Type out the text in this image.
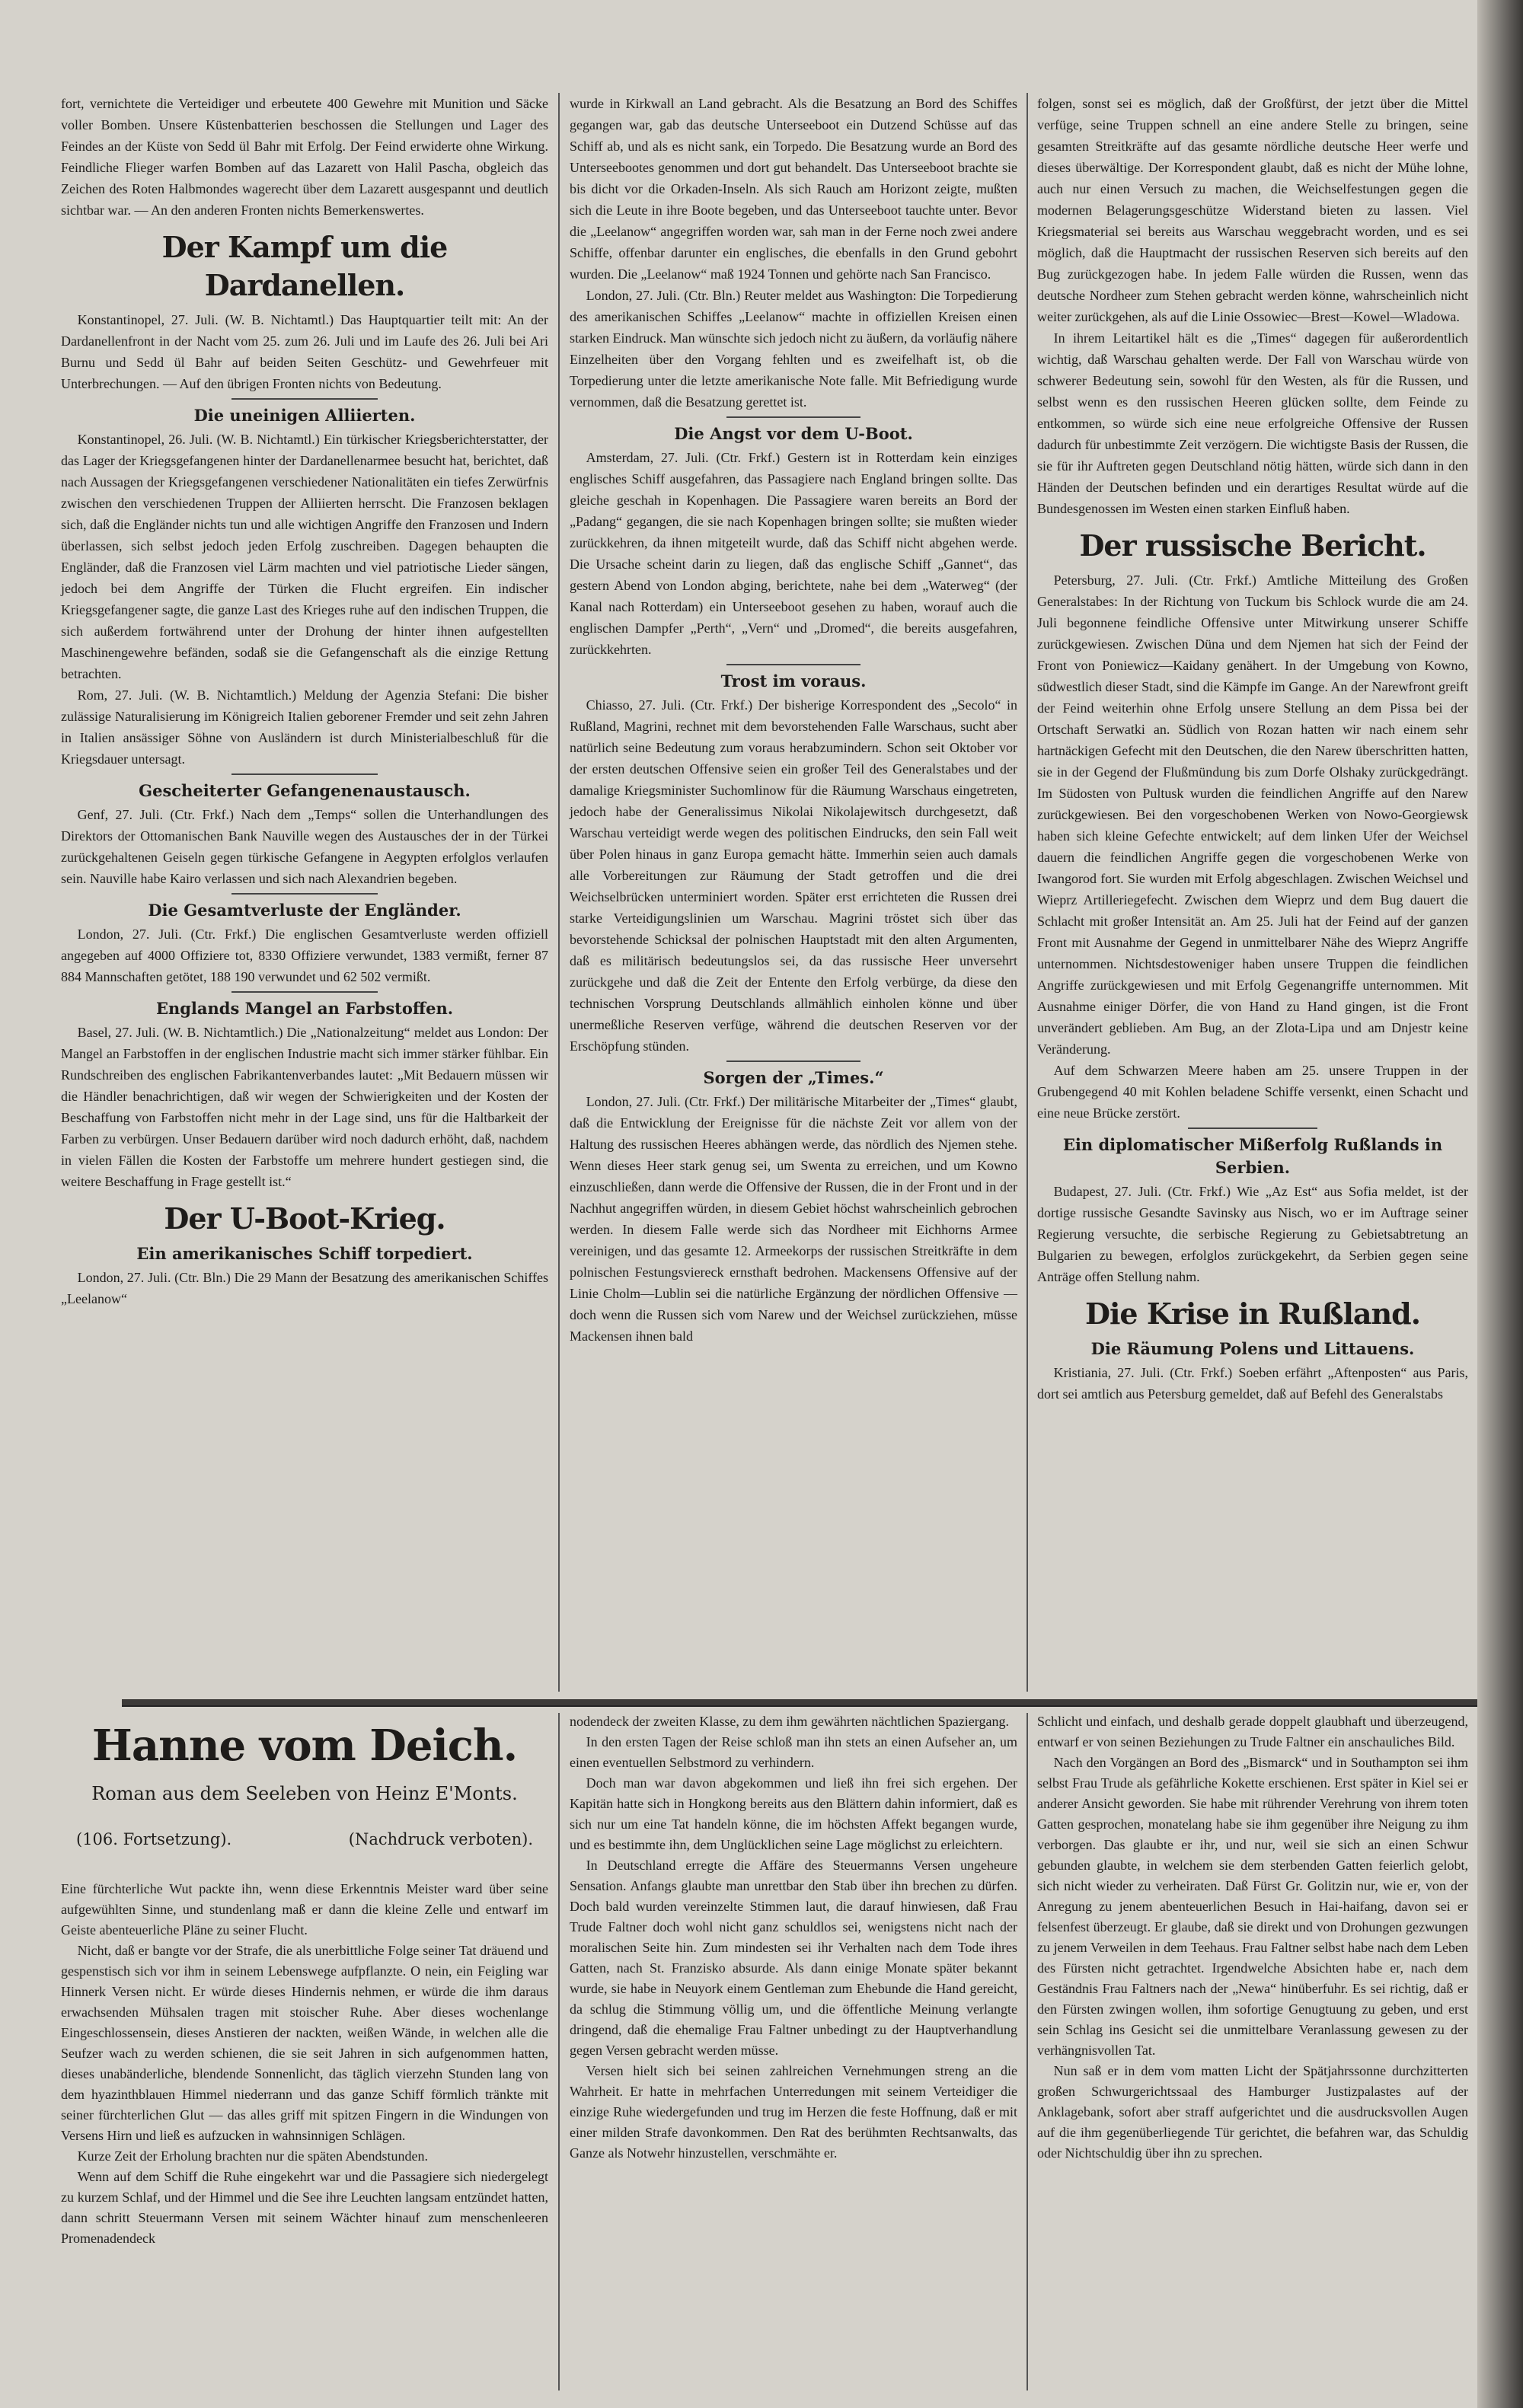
fort, vernichtete die Verteidiger und erbeutete 400 Gewehre mit Munition und Säcke voller Bomben. Unsere Küstenbatterien beschossen die Stellungen und Lager des Feindes an der Küste von Sedd ül Bahr mit Erfolg. Der Feind erwiderte ohne Wirkung. Feindliche Flieger warfen Bomben auf das Lazarett von Halil Pascha, obgleich das Zeichen des Roten Halbmondes wagerecht über dem Lazarett ausgespannt und deutlich sichtbar war. — An den anderen Fronten nichts Bemerkenswertes.

Der Kampf um die Dardanellen.

Konstantinopel, 27. Juli. (W. B. Nichtamtl.) Das Hauptquartier teilt mit: An der Dardanellenfront in der Nacht vom 25. zum 26. Juli und im Laufe des 26. Juli bei Ari Burnu und Sedd ül Bahr auf beiden Seiten Geschütz- und Gewehrfeuer mit Unterbrechungen. — Auf den übrigen Fronten nichts von Bedeutung.

Die uneinigen Alliierten.

Konstantinopel, 26. Juli. (W. B. Nichtamtl.) Ein türkischer Kriegsberichterstatter, der das Lager der Kriegsgefangenen hinter der Dardanellenarmee besucht hat, berichtet, daß nach Aussagen der Kriegsgefangenen verschiedener Nationalitäten ein tiefes Zerwürfnis zwischen den verschiedenen Truppen der Alliierten herrscht. Die Franzosen beklagen sich, daß die Engländer nichts tun und alle wichtigen Angriffe den Franzosen und Indern überlassen, sich selbst jedoch jeden Erfolg zuschreiben. Dagegen behaupten die Engländer, daß die Franzosen viel Lärm machten und viel patriotische Lieder sängen, jedoch bei dem Angriffe der Türken die Flucht ergreifen. Ein indischer Kriegsgefangener sagte, die ganze Last des Krieges ruhe auf den indischen Truppen, die sich außerdem fortwährend unter der Drohung der hinter ihnen aufgestellten Maschinengewehre befänden, sodaß sie die Gefangenschaft als die einzige Rettung betrachten.

Rom, 27. Juli. (W. B. Nichtamtlich.) Meldung der Agenzia Stefani: Die bisher zulässige Naturalisierung im Königreich Italien geborener Fremder und seit zehn Jahren in Italien ansässiger Söhne von Ausländern ist durch Ministerialbeschluß für die Kriegsdauer untersagt.

Gescheiterter Gefangenenaustausch.

Genf, 27. Juli. (Ctr. Frkf.) Nach dem „Temps“ sollen die Unterhandlungen des Direktors der Ottomanischen Bank Nauville wegen des Austausches der in der Türkei zurückgehaltenen Geiseln gegen türkische Gefangene in Aegypten erfolglos verlaufen sein. Nauville habe Kairo verlassen und sich nach Alexandrien begeben.

Die Gesamtverluste der Engländer.

London, 27. Juli. (Ctr. Frkf.) Die englischen Gesamtverluste werden offiziell angegeben auf 4000 Offiziere tot, 8330 Offiziere verwundet, 1383 vermißt, ferner 87 884 Mannschaften getötet, 188 190 verwundet und 62 502 vermißt.

Englands Mangel an Farbstoffen.

Basel, 27. Juli. (W. B. Nichtamtlich.) Die „Nationalzeitung“ meldet aus London: Der Mangel an Farbstoffen in der englischen Industrie macht sich immer stärker fühlbar. Ein Rundschreiben des englischen Fabrikantenverbandes lautet: „Mit Bedauern müssen wir die Händler benachrichtigen, daß wir wegen der Schwierigkeiten und der Kosten der Beschaffung von Farbstoffen nicht mehr in der Lage sind, uns für die Haltbarkeit der Farben zu verbürgen. Unser Bedauern darüber wird noch dadurch erhöht, daß, nachdem in vielen Fällen die Kosten der Farbstoffe um mehrere hundert gestiegen sind, die weitere Beschaffung in Frage gestellt ist.“

Der U-Boot-Krieg.
Ein amerikanisches Schiff torpediert.

London, 27. Juli. (Ctr. Bln.) Die 29 Mann der Besatzung des amerikanischen Schiffes „Leelanow“

wurde in Kirkwall an Land gebracht. Als die Besatzung an Bord des Schiffes gegangen war, gab das deutsche Unterseeboot ein Dutzend Schüsse auf das Schiff ab, und als es nicht sank, ein Torpedo. Die Besatzung wurde an Bord des Unterseebootes genommen und dort gut behandelt. Das Unterseeboot brachte sie bis dicht vor die Orkaden-Inseln. Als sich Rauch am Horizont zeigte, mußten sich die Leute in ihre Boote begeben, und das Unterseeboot tauchte unter. Bevor die „Leelanow“ angegriffen worden war, sah man in der Ferne noch zwei andere Schiffe, offenbar darunter ein englisches, die ebenfalls in den Grund gebohrt wurden. Die „Leelanow“ maß 1924 Tonnen und gehörte nach San Francisco.

London, 27. Juli. (Ctr. Bln.) Reuter meldet aus Washington: Die Torpedierung des amerikanischen Schiffes „Leelanow“ machte in offiziellen Kreisen einen starken Eindruck. Man wünschte sich jedoch nicht zu äußern, da vorläufig nähere Einzelheiten über den Vorgang fehlten und es zweifelhaft ist, ob die Torpedierung unter die letzte amerikanische Note falle. Mit Befriedigung wurde vernommen, daß die Besatzung gerettet ist.

Die Angst vor dem U-Boot.

Amsterdam, 27. Juli. (Ctr. Frkf.) Gestern ist in Rotterdam kein einziges englisches Schiff ausgefahren, das Passagiere nach England bringen sollte. Das gleiche geschah in Kopenhagen. Die Passagiere waren bereits an Bord der „Padang“ gegangen, die sie nach Kopenhagen bringen sollte; sie mußten wieder zurückkehren, da ihnen mitgeteilt wurde, daß das Schiff nicht abgehen werde. Die Ursache scheint darin zu liegen, daß das englische Schiff „Gannet“, das gestern Abend von London abging, berichtete, nahe bei dem „Waterweg“ (der Kanal nach Rotterdam) ein Unterseeboot gesehen zu haben, worauf auch die englischen Dampfer „Perth“, „Vern“ und „Dromed“, die bereits ausgefahren, zurückkehrten.

Trost im voraus.

Chiasso, 27. Juli. (Ctr. Frkf.) Der bisherige Korrespondent des „Secolo“ in Rußland, Magrini, rechnet mit dem bevorstehenden Falle Warschaus, sucht aber natürlich seine Bedeutung zum voraus herabzumindern. Schon seit Oktober vor der ersten deutschen Offensive seien ein großer Teil des Generalstabes und der damalige Kriegsminister Suchomlinow für die Räumung Warschaus eingetreten, jedoch habe der Generalissimus Nikolai Nikolajewitsch durchgesetzt, daß Warschau verteidigt werde wegen des politischen Eindrucks, den sein Fall weit über Polen hinaus in ganz Europa gemacht hätte. Immerhin seien auch damals alle Vorbereitungen zur Räumung der Stadt getroffen und die drei Weichselbrücken unterminiert worden. Später erst errichteten die Russen drei starke Verteidigungslinien um Warschau. Magrini tröstet sich über das bevorstehende Schicksal der polnischen Hauptstadt mit den alten Argumenten, daß es militärisch bedeutungslos sei, da das russische Heer unversehrt zurückgehe und daß die Zeit der Entente den Erfolg verbürge, da diese den technischen Vorsprung Deutschlands allmählich einholen könne und über unermeßliche Reserven verfüge, während die deutschen Reserven vor der Erschöpfung stünden.

Sorgen der „Times.“

London, 27. Juli. (Ctr. Frkf.) Der militärische Mitarbeiter der „Times“ glaubt, daß die Entwicklung der Ereignisse für die nächste Zeit vor allem von der Haltung des russischen Heeres abhängen werde, das nördlich des Njemen stehe. Wenn dieses Heer stark genug sei, um Swenta zu erreichen, und um Kowno einzuschließen, dann werde die Offensive der Russen, die in der Front und in der Nachhut angegriffen würden, in diesem Gebiet höchst wahrscheinlich gebrochen werden. In diesem Falle werde sich das Nordheer mit Eichhorns Armee vereinigen, und das gesamte 12. Armeekorps der russischen Streitkräfte in dem polnischen Festungsviereck ernsthaft bedrohen. Mackensens Offensive auf der Linie Cholm—Lublin sei die natürliche Ergänzung der nördlichen Offensive — doch wenn die Russen sich vom Narew und der Weichsel zurückziehen, müsse Mackensen ihnen bald

folgen, sonst sei es möglich, daß der Großfürst, der jetzt über die Mittel verfüge, seine Truppen schnell an eine andere Stelle zu bringen, seine gesamten Streitkräfte auf das gesamte nördliche deutsche Heer werfe und dieses überwältige. Der Korrespondent glaubt, daß es nicht der Mühe lohne, auch nur einen Versuch zu machen, die Weichselfestungen gegen die modernen Belagerungsgeschütze Widerstand bieten zu lassen. Viel Kriegsmaterial sei bereits aus Warschau weggebracht worden, und es sei möglich, daß die Hauptmacht der russischen Reserven sich bereits auf den Bug zurückgezogen habe. In jedem Falle würden die Russen, wenn das deutsche Nordheer zum Stehen gebracht werden könne, wahrscheinlich nicht weiter zurückgehen, als auf die Linie Ossowiec—Brest—Kowel—Wladowa.

In ihrem Leitartikel hält es die „Times“ dagegen für außerordentlich wichtig, daß Warschau gehalten werde. Der Fall von Warschau würde von schwerer Bedeutung sein, sowohl für den Westen, als für die Russen, und selbst wenn es den russischen Heeren glücken sollte, dem Feinde zu entkommen, so würde sich eine neue erfolgreiche Offensive der Russen dadurch für unbestimmte Zeit verzögern. Die wichtigste Basis der Russen, die sie für ihr Auftreten gegen Deutschland nötig hätten, würde sich dann in den Händen der Deutschen befinden und ein derartiges Resultat würde auf die Bundesgenossen im Westen einen starken Einfluß haben.

Der russische Bericht.

Petersburg, 27. Juli. (Ctr. Frkf.) Amtliche Mitteilung des Großen Generalstabes: In der Richtung von Tuckum bis Schlock wurde die am 24. Juli begonnene feindliche Offensive unter Mitwirkung unserer Schiffe zurückgewiesen. Zwischen Düna und dem Njemen hat sich der Feind der Front von Poniewicz—Kaidany genähert. In der Umgebung von Kowno, südwestlich dieser Stadt, sind die Kämpfe im Gange. An der Narewfront greift der Feind weiterhin ohne Erfolg unsere Stellung an dem Pissa bei der Ortschaft Serwatki an. Südlich von Rozan hatten wir nach einem sehr hartnäckigen Gefecht mit den Deutschen, die den Narew überschritten hatten, sie in der Gegend der Flußmündung bis zum Dorfe Olshaky zurückgedrängt. Im Südosten von Pultusk wurden die feindlichen Angriffe auf den Narew zurückgewiesen. Bei den vorgeschobenen Werken von Nowo-Georgiewsk haben sich kleine Gefechte entwickelt; auf dem linken Ufer der Weichsel dauern die feindlichen Angriffe gegen die vorgeschobenen Werke von Iwangorod fort. Sie wurden mit Erfolg abgeschlagen. Zwischen Weichsel und Wieprz Artilleriegefecht. Zwischen dem Wieprz und dem Bug dauert die Schlacht mit großer Intensität an. Am 25. Juli hat der Feind auf der ganzen Front mit Ausnahme der Gegend in unmittelbarer Nähe des Wieprz Angriffe unternommen. Nichtsdestoweniger haben unsere Truppen die feindlichen Angriffe zurückgewiesen und mit Erfolg Gegenangriffe unternommen. Mit Ausnahme einiger Dörfer, die von Hand zu Hand gingen, ist die Front unverändert geblieben. Am Bug, an der Zlota-Lipa und am Dnjestr keine Veränderung.

Auf dem Schwarzen Meere haben am 25. unsere Truppen in der Grubengegend 40 mit Kohlen beladene Schiffe versenkt, einen Schacht und eine neue Brücke zerstört.

Ein diplomatischer Mißerfolg Rußlands in Serbien.

Budapest, 27. Juli. (Ctr. Frkf.) Wie „Az Est“ aus Sofia meldet, ist der dortige russische Gesandte Savinsky aus Nisch, wo er im Auftrage seiner Regierung versuchte, die serbische Regierung zu Gebietsabtretung an Bulgarien zu bewegen, erfolglos zurückgekehrt, da Serbien gegen seine Anträge offen Stellung nahm.

Die Krise in Rußland.
Die Räumung Polens und Littauens.

Kristiania, 27. Juli. (Ctr. Frkf.) Soeben erfährt „Aftenposten“ aus Paris, dort sei amtlich aus Petersburg gemeldet, daß auf Befehl des Generalstabs

Hanne vom Deich.
Roman aus dem Seeleben von Heinz E'Monts.
(106. Fortsetzung).	(Nachdruck verboten).

Eine fürchterliche Wut packte ihn, wenn diese Erkenntnis Meister ward über seine aufgewühlten Sinne, und stundenlang maß er dann die kleine Zelle und entwarf im Geiste abenteuerliche Pläne zu seiner Flucht.

Nicht, daß er bangte vor der Strafe, die als unerbittliche Folge seiner Tat dräuend und gespenstisch sich vor ihm in seinem Lebenswege aufpflanzte. O nein, ein Feigling war Hinnerk Versen nicht. Er würde dieses Hindernis nehmen, er würde die ihm daraus erwachsenden Mühsalen tragen mit stoischer Ruhe. Aber dieses wochenlange Eingeschlossensein, dieses Anstieren der nackten, weißen Wände, in welchen alle die Seufzer wach zu werden schienen, die sie seit Jahren in sich aufgenommen hatten, dieses unabänderliche, blendende Sonnenlicht, das täglich vierzehn Stunden lang von dem hyazinthblauen Himmel niederrann und das ganze Schiff förmlich tränkte mit seiner fürchterlichen Glut — das alles griff mit spitzen Fingern in die Windungen von Versens Hirn und ließ es aufzucken in wahnsinnigen Schlägen.

Kurze Zeit der Erholung brachten nur die späten Abendstunden.

Wenn auf dem Schiff die Ruhe eingekehrt war und die Passagiere sich niedergelegt zu kurzem Schlaf, und der Himmel und die See ihre Leuchten langsam entzündet hatten, dann schritt Steuermann Versen mit seinem Wächter hinauf zum menschenleeren Promenadendeck

nodendeck der zweiten Klasse, zu dem ihm gewährten nächtlichen Spaziergang.

In den ersten Tagen der Reise schloß man ihn stets an einen Aufseher an, um einen eventuellen Selbstmord zu verhindern.

Doch man war davon abgekommen und ließ ihn frei sich ergehen. Der Kapitän hatte sich in Hongkong bereits aus den Blättern dahin informiert, daß es sich nur um eine Tat handeln könne, die im höchsten Affekt begangen wurde, und es bestimmte ihn, dem Unglücklichen seine Lage möglichst zu erleichtern.

In Deutschland erregte die Affäre des Steuermanns Versen ungeheure Sensation. Anfangs glaubte man unrettbar den Stab über ihn brechen zu dürfen. Doch bald wurden vereinzelte Stimmen laut, die darauf hinwiesen, daß Frau Trude Faltner doch wohl nicht ganz schuldlos sei, wenigstens nicht nach der moralischen Seite hin. Zum mindesten sei ihr Verhalten nach dem Tode ihres Gatten, nach St. Franzisko absurde. Als dann einige Monate später bekannt wurde, sie habe in Neuyork einem Gentleman zum Ehebunde die Hand gereicht, da schlug die Stimmung völlig um, und die öffentliche Meinung verlangte dringend, daß die ehemalige Frau Faltner unbedingt zu der Hauptverhandlung gegen Versen gebracht werden müsse.

Versen hielt sich bei seinen zahlreichen Vernehmungen streng an die Wahrheit. Er hatte in mehrfachen Unterredungen mit seinem Verteidiger die einzige Ruhe wiedergefunden und trug im Herzen die feste Hoffnung, daß er mit einer milden Strafe davonkommen. Den Rat des berühmten Rechtsanwalts, das Ganze als Notwehr hinzustellen, verschmähte er.

Schlicht und einfach, und deshalb gerade doppelt glaubhaft und überzeugend, entwarf er von seinen Beziehungen zu Trude Faltner ein anschauliches Bild.

Nach den Vorgängen an Bord des „Bismarck“ und in Southampton sei ihm selbst Frau Trude als gefährliche Kokette erschienen. Erst später in Kiel sei er anderer Ansicht geworden. Sie habe mit rührender Verehrung von ihrem toten Gatten gesprochen, monatelang habe sie ihm gegenüber ihre Neigung zu ihm verborgen. Das glaubte er ihr, und nur, weil sie sich an einen Schwur gebunden glaubte, in welchem sie dem sterbenden Gatten feierlich gelobt, sich nicht wieder zu verheiraten. Daß Fürst Gr. Golitzin nur, wie er, von der Anregung zu jenem abenteuerlichen Besuch in Hai-haifang, davon sei er felsenfest überzeugt. Er glaube, daß sie direkt und von Drohungen gezwungen zu jenem Verweilen in dem Teehaus. Frau Faltner selbst habe nach dem Leben des Fürsten nicht getrachtet. Irgendwelche Absichten habe er, nach dem Geständnis Frau Faltners nach der „Newa“ hinüberfuhr. Es sei richtig, daß er den Fürsten zwingen wollen, ihm sofortige Genugtuung zu geben, und erst sein Schlag ins Gesicht sei die unmittelbare Veranlassung gewesen zu der verhängnisvollen Tat.

Nun saß er in dem vom matten Licht der Spätjahrssonne durchzitterten großen Schwurgerichtssaal des Hamburger Justizpalastes auf der Anklagebank, sofort aber straff aufgerichtet und die ausdrucksvollen Augen auf die ihm gegenüberliegende Tür gerichtet, die befahren war, das Schuldig oder Nichtschuldig über ihn zu sprechen.
